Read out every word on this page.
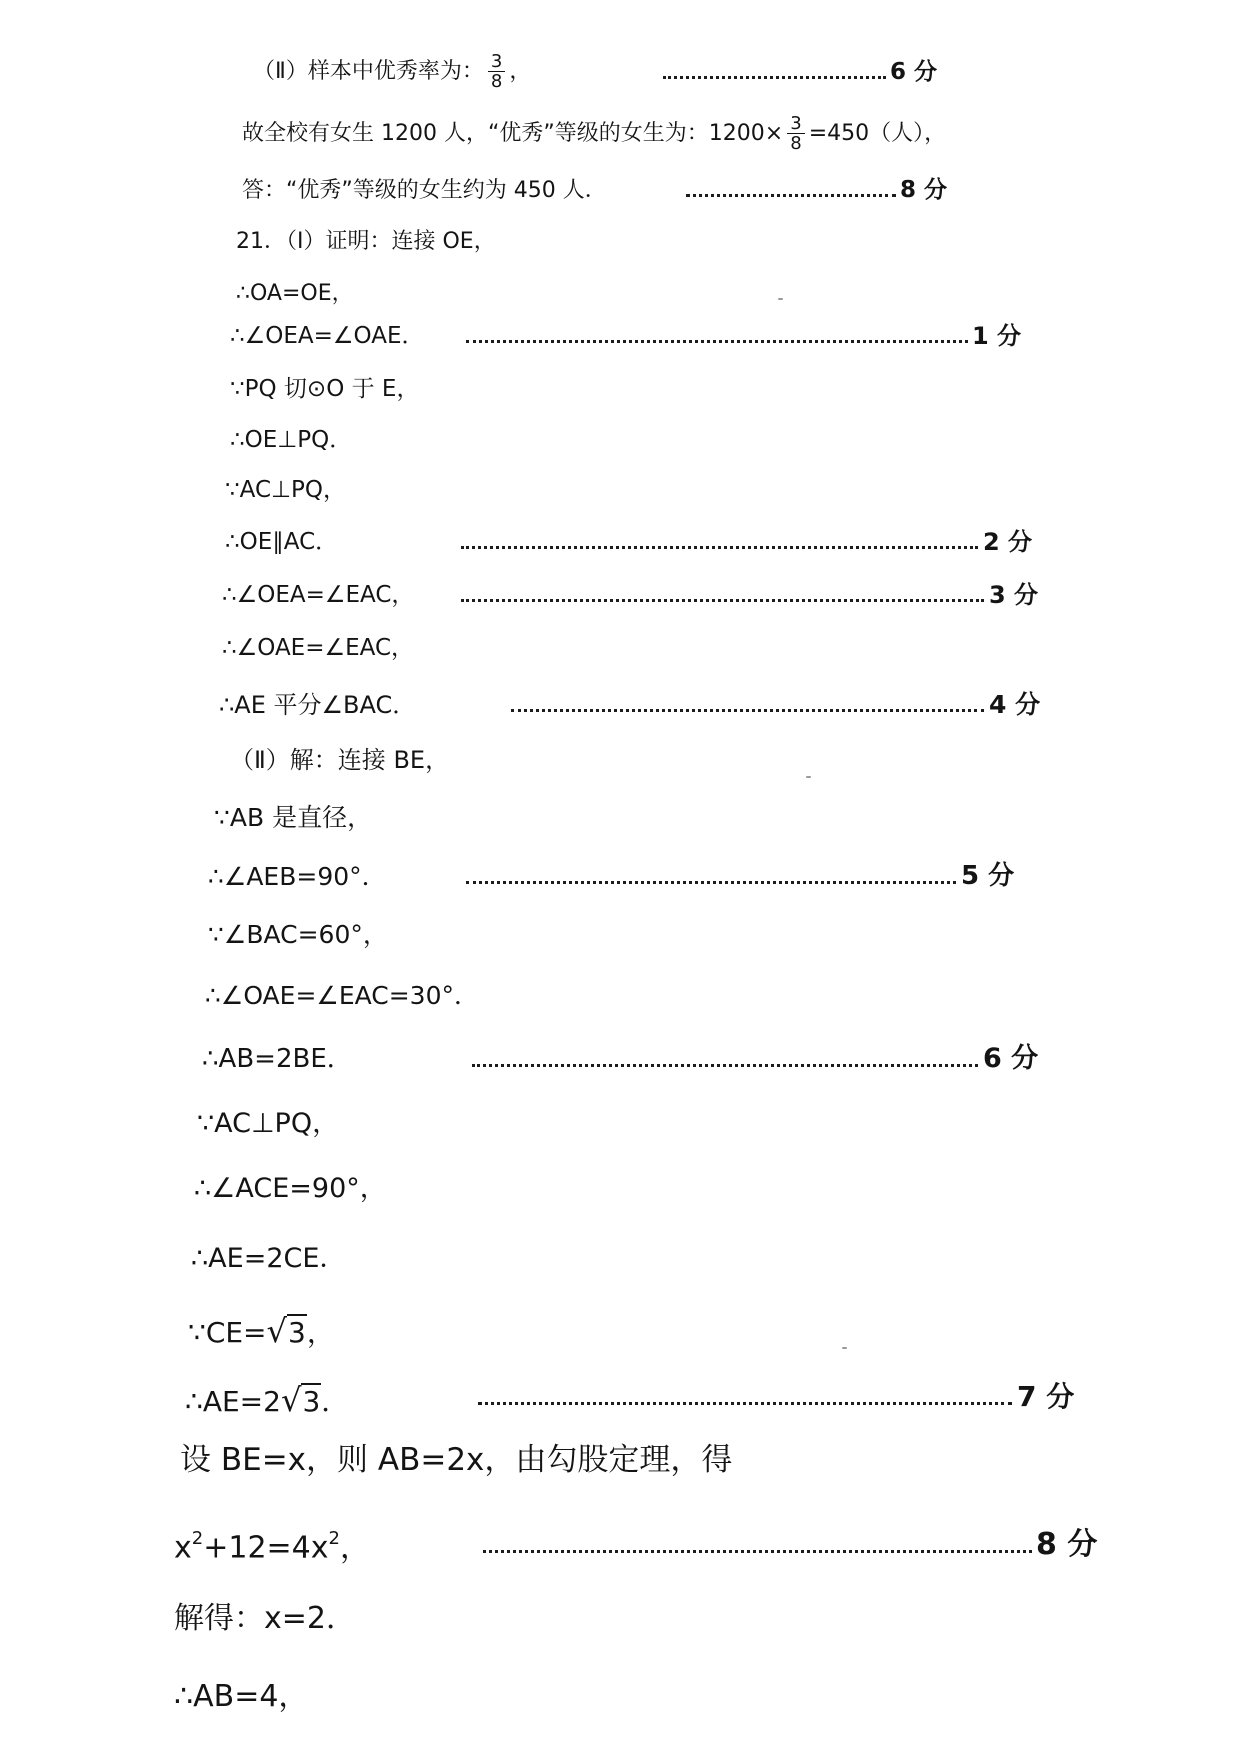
（Ⅱ）样本中优秀率为： $\frac{3}{8}$ ，	6 分
故全校有女生 1200 人，“优秀”等级的女生为：$1200\times \frac{3}{8} =450$（人），
答：“优秀”等级的女生约为 450 人．	8 分
21．（Ⅰ）证明：连接 OE，
∴OA=OE，
∴∠OEA=∠OAE．	1 分
∵PQ 切⊙O 于 E，
∴OE⊥PQ．
∵AC⊥PQ，
∴OE∥AC．	2 分
∴∠OEA=∠EAC，	3 分
∴∠OAE=∠EAC，
∴AE 平分∠BAC．	4 分
（Ⅱ）解：连接 BE，
∵AB 是直径，
∴∠AEB=90°．	5 分
∵∠BAC=60°，
∴∠OAE=∠EAC=30°．
∴AB=2BE．	6 分
∵AC⊥PQ，
∴∠ACE=90°，
∴AE=2CE．
∵CE=√3，
∴AE=2√3．	7 分
设 BE=x，则 AB=2x，由勾股定理，得
$x^2+12=4x^2$，	8 分
解得：x=2．
∴AB=4，
